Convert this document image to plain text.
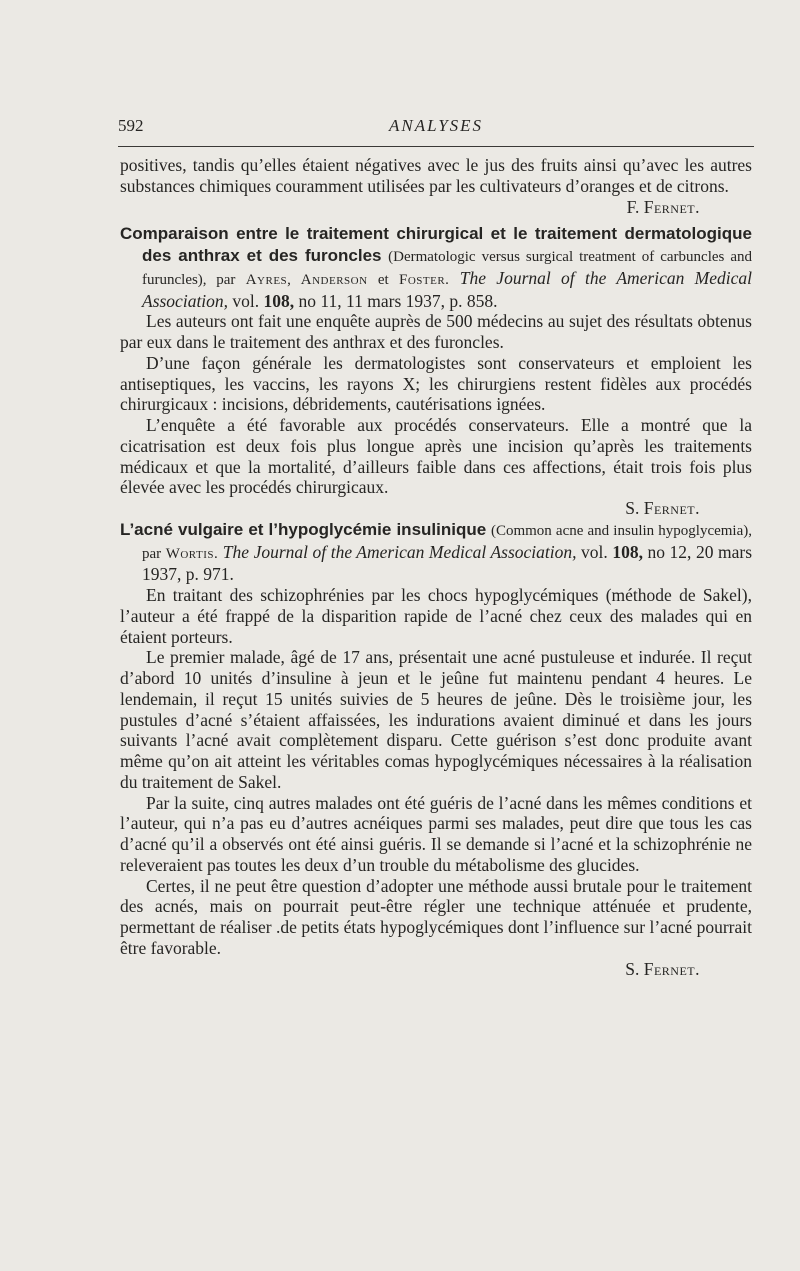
592	ANALYSES

positives, tandis qu’elles étaient négatives avec le jus des fruits ainsi qu’avec les autres substances chimiques couramment utilisées par les cultivateurs d’oranges et de citrons.

F. Fernet.

Comparaison entre le traitement chirurgical et le traitement dermatologique des anthrax et des furoncles (Dermatologic versus surgical treatment of carbuncles and furuncles), par Ayres, Anderson et Foster. The Journal of the American Medical Association, vol. 108, no 11, 11 mars 1937, p. 858.

Les auteurs ont fait une enquête auprès de 500 médecins au sujet des résultats obtenus par eux dans le traitement des anthrax et des furoncles.

D’une façon générale les dermatologistes sont conservateurs et emploient les antiseptiques, les vaccins, les rayons X; les chirurgiens restent fidèles aux procédés chirurgicaux : incisions, débridements, cautérisations ignées.

L’enquête a été favorable aux procédés conservateurs. Elle a montré que la cicatrisation est deux fois plus longue après une incision qu’après les traitements médicaux et que la mortalité, d’ailleurs faible dans ces affections, était trois fois plus élevée avec les procédés chirurgicaux.

S. Fernet.

L’acné vulgaire et l’hypoglycémie insulinique (Common acne and insulin hypoglycemia), par Wortis. The Journal of the American Medical Association, vol. 108, no 12, 20 mars 1937, p. 971.

En traitant des schizophrénies par les chocs hypoglycémiques (méthode de Sakel), l’auteur a été frappé de la disparition rapide de l’acné chez ceux des malades qui en étaient porteurs.

Le premier malade, âgé de 17 ans, présentait une acné pustuleuse et indurée. Il reçut d’abord 10 unités d’insuline à jeun et le jeûne fut maintenu pendant 4 heures. Le lendemain, il reçut 15 unités suivies de 5 heures de jeûne. Dès le troisième jour, les pustules d’acné s’étaient affaissées, les indurations avaient diminué et dans les jours suivants l’acné avait complètement disparu. Cette guérison s’est donc produite avant même qu’on ait atteint les véritables comas hypoglycémiques nécessaires à la réalisation du traitement de Sakel.

Par la suite, cinq autres malades ont été guéris de l’acné dans les mêmes conditions et l’auteur, qui n’a pas eu d’autres acnéiques parmi ses malades, peut dire que tous les cas d’acné qu’il a observés ont été ainsi guéris. Il se demande si l’acné et la schizophrénie ne releveraient pas toutes les deux d’un trouble du métabolisme des glucides.

Certes, il ne peut être question d’adopter une méthode aussi brutale pour le traitement des acnés, mais on pourrait peut-être régler une technique atténuée et prudente, permettant de réaliser .de petits états hypoglycémiques dont l’influence sur l’acné pourrait être favorable.

S. Fernet.
